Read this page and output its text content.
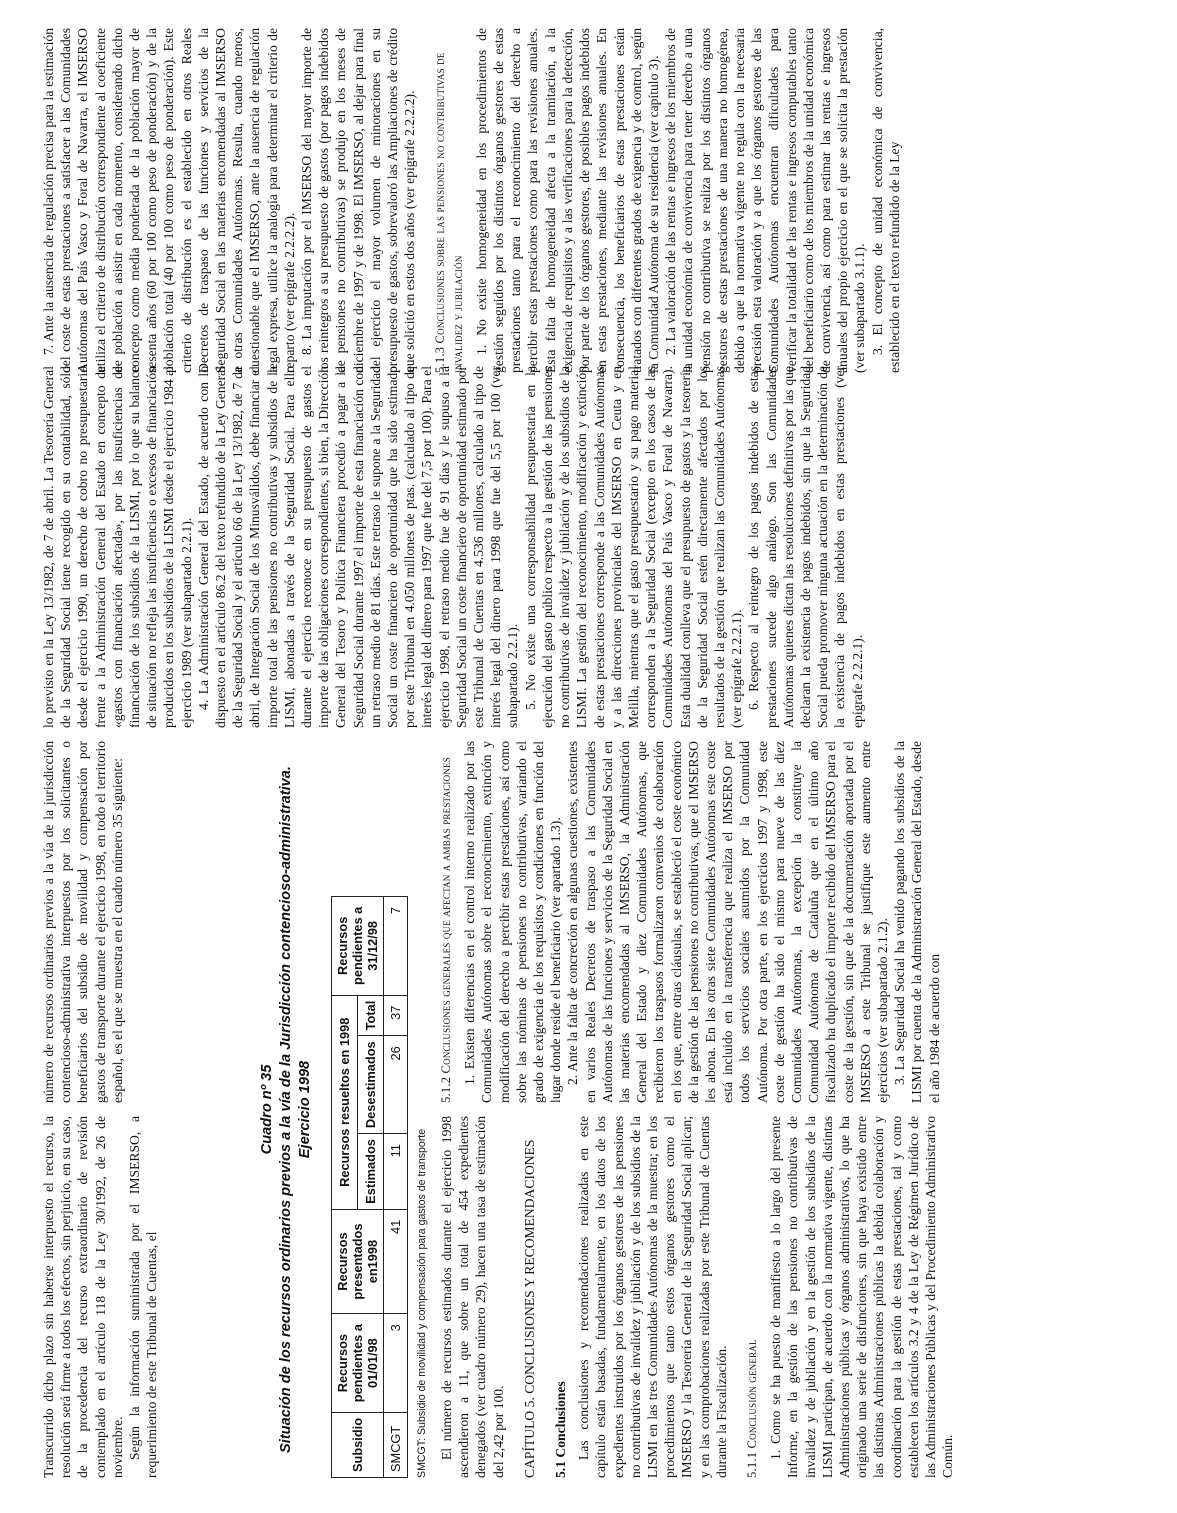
Transcurrido dicho plazo sin haberse interpuesto el recurso, la resolución será firme a todos los efectos, sin perjuicio, en su caso, de la procedencia del recurso extraordinario de revisión contemplado en el artículo 118 de la Ley 30/1992, de 26 de noviembre. Según la información suministrada por el IMSERSO, a requerimiento de este Tribunal de Cuentas, el

número de recursos ordinarios previos a la vía de la jurisdicción contencioso-administrativa interpuestos por los solicitantes o beneficiarios del subsidio de movilidad y compensación por gastos de transporte durante el ejercicio 1998, en todo el territorio español, es el que se muestra en el cuadro número 35 siguiente:

Cuadro nº 35 Situación de los recursos ordinarios previos a la vía de la Jurisdicción contencioso-administrativa. Ejercicio 1998
Subsidio	Recursos pendientes a 01/01/98	Recursos presentados en1998	Recursos resueltos en 1998			Recursos pendientes a 31/12/98
			Estimados	Desestimados	Total	
SMCGT	3	41	11	26	37	7
SMCGT: Subsidio de movilidad y compensación para gastos de transporte El número de recursos estimados durante el ejercicio 1998 ascendieron a 11, que sobre un total de 454 expedientes denegados (ver cuadro número 29), hacen una tasa de estimación del 2,42 por 100. CAPÍTULO 5. CONCLUSIONES Y RECOMENDACIONES 5.1 Conclusiones Las conclusiones y recomendaciones realizadas en este capítulo están basadas, fundamentalmente, en los datos de los expedientes instruidos por los órganos gestores de las pensiones no contributivas de invalidez y jubilación y de los subsidios de la LISMI en las tres Comunidades Autónomas de la muestra; en los procedimientos que tanto estos órganos gestores como el IMSERSO y la Tesorería General de la Seguridad Social aplican; y en las comprobaciones realizadas por este Tribunal de Cuentas durante la Fiscalización. 5.1.1 Conclusión general 1. Como se ha puesto de manifiesto a lo largo del presente Informe, en la gestión de las pensiones no contributivas de invalidez y de jubilación y en la gestión de los subsidios de la LISMI participan, de acuerdo con la normativa vigente, distintas Administraciones públicas y órganos administrativos, lo que ha originado una serie de disfunciones, sin que haya existido entre las distintas Administraciones públicas la debida colaboración y coordinación para la gestión de estas prestaciones, tal y como establecen los artículos 3.2 y 4 de la Ley de Régimen Jurídico de las Administraciones Públicas y del Procedimiento Administrativo Común.

5.1.2 Conclusiones generales que afectan a ambas prestaciones 1. Existen diferencias en el control interno realizado por las Comunidades Autónomas sobre el reconocimiento, extinción y modificación del derecho a percibir estas prestaciones, así como sobre las nóminas de pensiones no contributivas, variando el grado de exigencia de los requisitos y condiciones en función del lugar donde reside el beneficiario (ver apartado 1.3). 2. Ante la falta de concreción en algunas cuestiones, existentes en varios Reales Decretos de traspaso a las Comunidades Autónomas de las funciones y servicios de la Seguridad Social en las materias encomendadas al IMSERSO, la Administración General del Estado y diez Comunidades Autónomas, que recibieron los traspasos formalizaron convenios de colaboración en los que, entre otras cláusulas, se estableció el coste económico de la gestión de las pensiones no contributivas, que el IMSERSO les abona. En las otras siete Comunidades Autónomas este coste está incluido en la transferencia que realiza el IMSERSO por todos los servicios sociales asumidos por la Comunidad Autónoma. Por otra parte, en los ejercicios 1997 y 1998, este coste de gestión ha sido el mismo para nueve de las diez Comunidades Autónomas, la excepción la constituye la Comunidad Autónoma de Cataluña que en el último año fiscalizado ha duplicado el importe recibido del IMSERSO para el coste de la gestión, sin que de la documentación aportada por el IMSERSO a este Tribunal se justifique este aumento entre ejercicios (ver subapartado 2.1.2). 3. La Seguridad Social ha venido pagando los subsidios de la LISMI por cuenta de la Administración General del Estado, desde el año 1984 de acuerdo con

lo previsto en la Ley 13/1982, de 7 de abril. La Tesorería General de la Seguridad Social tiene recogido en su contabilidad, sólo desde el ejercicio 1990, un derecho de cobro no presupuestario frente a la Administración General del Estado en concepto de «gastos con financiación afectada», por las insuficiencias de financiación de los subsidios de la LISMI, por lo que su balance de situación no refleja las insuficiencias o excesos de financiación producidos en los subsidios de la LISMI desde el ejercicio 1984 al ejercicio 1989 (ver subapartado 2.2.1). 4. La Administración General del Estado, de acuerdo con lo dispuesto en el artículo 86.2 del texto refundido de la Ley General de la Seguridad Social y el artículo 66 de la Ley 13/1982, de 7 de abril, de Integración Social de los Minusválidos, debe financiar el importe total de las pensiones no contributivas y subsidios de la LISMI, abonadas a través de la Seguridad Social. Para ello durante el ejercicio reconoce en su presupuesto de gastos el importe de las obligaciones correspondientes, si bien, la Dirección General del Tesoro y Política Financiera procedió a pagar a la Seguridad Social durante 1997 el importe de esta financiación con un retraso medio de 81 días. Este retraso le supone a la Seguridad Social un coste financiero de oportunidad que ha sido estimado por este Tribunal en 4.050 millones de ptas. (calculado al tipo de interés legal del dinero para 1997 que fue del 7,5 por 100). Para el ejercicio 1998, el retraso medio fue de 91 días y le supuso a la Seguridad Social un coste financiero de oportunidad estimado por este Tribunal de Cuentas en 4.536 millones, calculado al tipo de interés legal del dinero para 1998 que fue del 5,5 por 100 (ver subapartado 2.2.1). 5. No existe una corresponsabilidad presupuestaria en la ejecución del gasto público respecto a la gestión de las pensiones no contributivas de invalidez y jubilación y de los subsidios de la LISMI. La gestión del reconocimiento, modificación y extinción de estas prestaciones corresponde a las Comunidades Autónomas y a las direcciones provinciales del IMSERSO en Ceuta y en Melilla, mientras que el gasto presupuestario y su pago material corresponden a la Seguridad Social (excepto en los casos de las Comunidades Autónomas del País Vasco y Foral de Navarra). Esta dualidad conlleva que el presupuesto de gastos y la tesorería de la Seguridad Social estén directamente afectados por los resultados de la gestión que realizan las Comunidades Autónomas (ver epígrafe 2.2.2.1). 6. Respecto al reintegro de los pagos indebidos de estas prestaciones sucede algo análogo. Son las Comunidades Autónomas quienes dictan las resoluciones definitivas por las que declaran la existencia de pagos indebidos, sin que la Seguridad Social pueda promover ninguna actuación en la determinación de la existencia de pagos indebidos en estas prestaciones (ver epígrafe 2.2.2.1).

7. Ante la ausencia de regulación precisa para la estimación del coste de estas prestaciones a satisfacer a las Comunidades Autónomas del País Vasco y Foral de Navarra, el IMSERSO utiliza el criterio de distribución correspondiente al coeficiente de población a asistir en cada momento, considerando dicho concepto como media ponderada de la población mayor de sesenta años (60 por 100 como peso de ponderación) y de la población total (40 por 100 como peso de ponderación). Este criterio de distribución es el establecido en otros Reales Decretos de traspaso de las funciones y servicios de la Seguridad Social en las materias encomendadas al IMSERSO a otras Comunidades Autónomas. Resulta, cuando menos, cuestionable que el IMSERSO, ante la ausencia de regulación legal expresa, utilice la analogía para determinar el criterio de reparto (ver epígrafe 2.2.2.2). 8. La imputación por el IMSERSO del mayor importe de los reintegros a su presupuesto de gastos (por pagos indebidos de pensiones no contributivas) se produjo en los meses de diciembre de 1997 y de 1998. El IMSERSO, al dejar para final del ejercicio el mayor volumen de minoraciones en su presupuesto de gastos, sobrevaloró las Ampliaciones de crédito que solicitó en estos dos años (ver epígrafe 2.2.2.2). 5.1.3 Conclusiones sobre las pensiones no contributivas de invalidez y jubilación 1. No existe homogeneidad en los procedimientos de gestión seguidos por los distintos órganos gestores de estas prestaciones tanto para el reconocimiento del derecho a percibir estas prestaciones como para las revisiones anuales. Esta falta de homogeneidad afecta a la tramitación, a la exigencia de requisitos y a las verificaciones para la detección, por parte de los órganos gestores, de posibles pagos indebidos en estas prestaciones, mediante las revisiones anuales. En consecuencia, los beneficiarios de estas prestaciones están tratados con diferentes grados de exigencia y de control, según la Comunidad Autónoma de su residencia (ver capítulo 3). 2. La valoración de las rentas e ingresos de los miembros de la unidad económica de convivencia para tener derecho a una pensión no contributiva se realiza por los distintos órganos gestores de estas prestaciones de una manera no homogénea, debido a que la normativa vigente no regula con la necesaria precisión esta valoración y a que los órganos gestores de las Comunidades Autónomas encuentran dificultades para verificar la totalidad de las rentas e ingresos computables tanto del beneficiario como de los miembros de la unidad económica de convivencia, así como para estimar las rentas e ingresos anuales del propio ejercicio en el que se solicita la prestación (ver subapartado 3.1.1). 3. El concepto de unidad económica de convivencia, establecido en el texto refundido de la Ley
